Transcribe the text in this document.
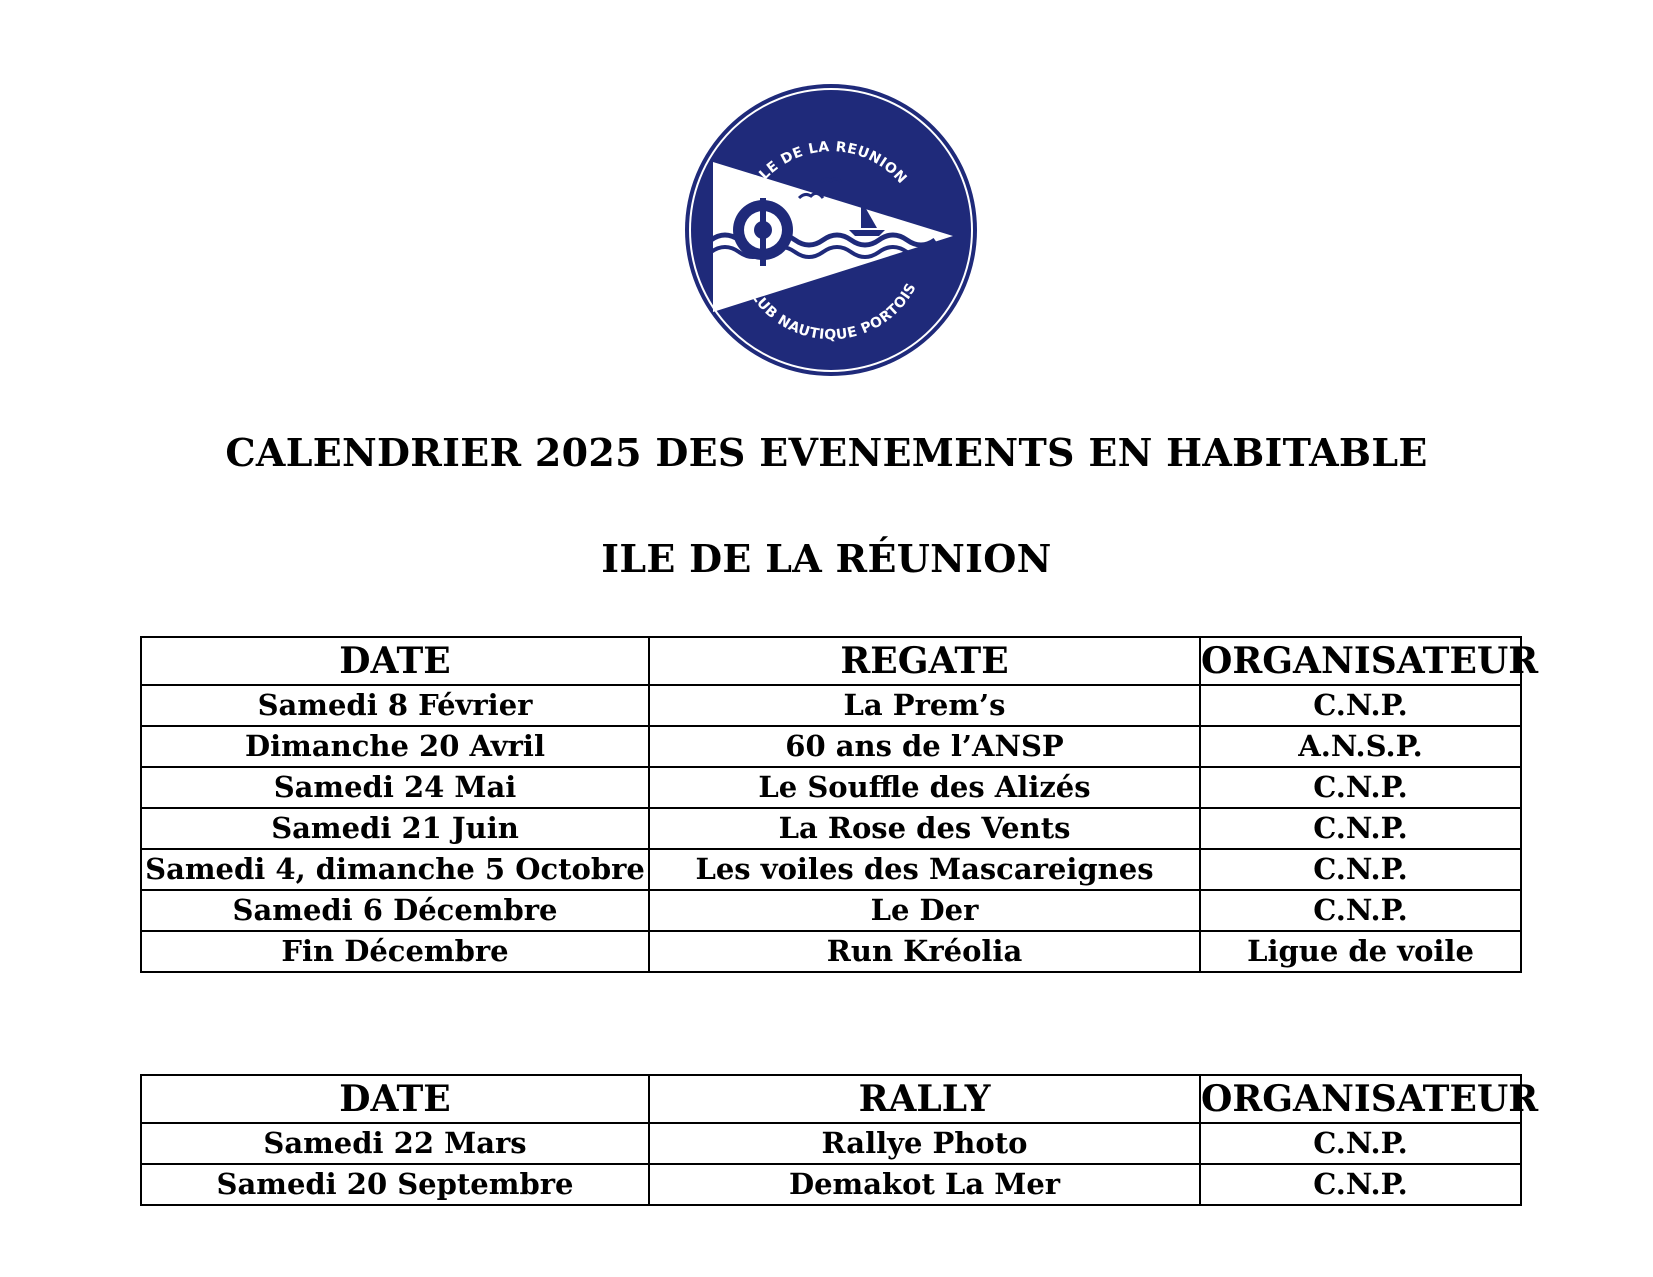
ILE DE LA REUNION
CLUB NAUTIQUE PORTOIS
CALENDRIER 2025 DES EVENEMENTS EN HABITABLE
ILE DE LA RÉUNION
DATE	REGATE	ORGANISATEUR
Samedi 8 Février	La Prem’s	C.N.P.
Dimanche 20 Avril	60 ans de l’ANSP	A.N.S.P.
Samedi 24 Mai	Le Souffle des Alizés	C.N.P.
Samedi 21 Juin	La Rose des Vents	C.N.P.
Samedi 4, dimanche 5 Octobre	Les voiles des Mascareignes	C.N.P.
Samedi 6 Décembre	Le Der	C.N.P.
Fin Décembre	Run Kréolia	Ligue de voile
DATE	RALLY	ORGANISATEUR
Samedi 22 Mars	Rallye Photo	C.N.P.
Samedi 20 Septembre	Demakot La Mer	C.N.P.
